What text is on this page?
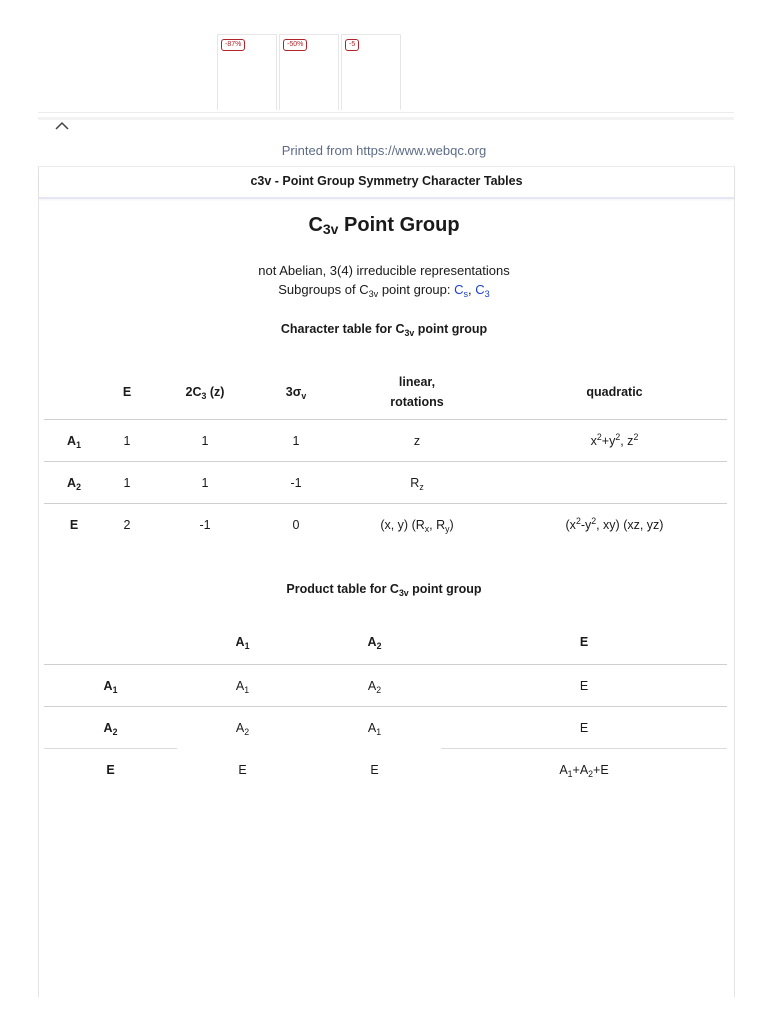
-87%	-50%	-5
Printed from https://www.webqc.org
c3v - Point Group Symmetry Character Tables
$C_{3v}$ Point Group
not Abelian, 3(4) irreducible representations
Subgroups of $C_{3v}$ point group: $C_s$, $C_3$
Character table for $C_{3v}$ point group
	E	$2C_3$ (z)	$3\sigma_v$	linear,
rotations	quadratic
$A_1$	1	1	1	z	$x^2+y^2$, $z^2$
$A_2$	1	1	-1	$R_z$	
E	2	-1	0	(x, y) ($R_x$, $R_y$)	($x^2-y^2$, xy) (xz, yz)
Product table for $C_{3v}$ point group
	$A_1$	$A_2$	E
$A_1$	$A_1$	$A_2$	E
$A_2$	$A_2$	$A_1$	E
E	E	E	$A_1+A_2+E$
